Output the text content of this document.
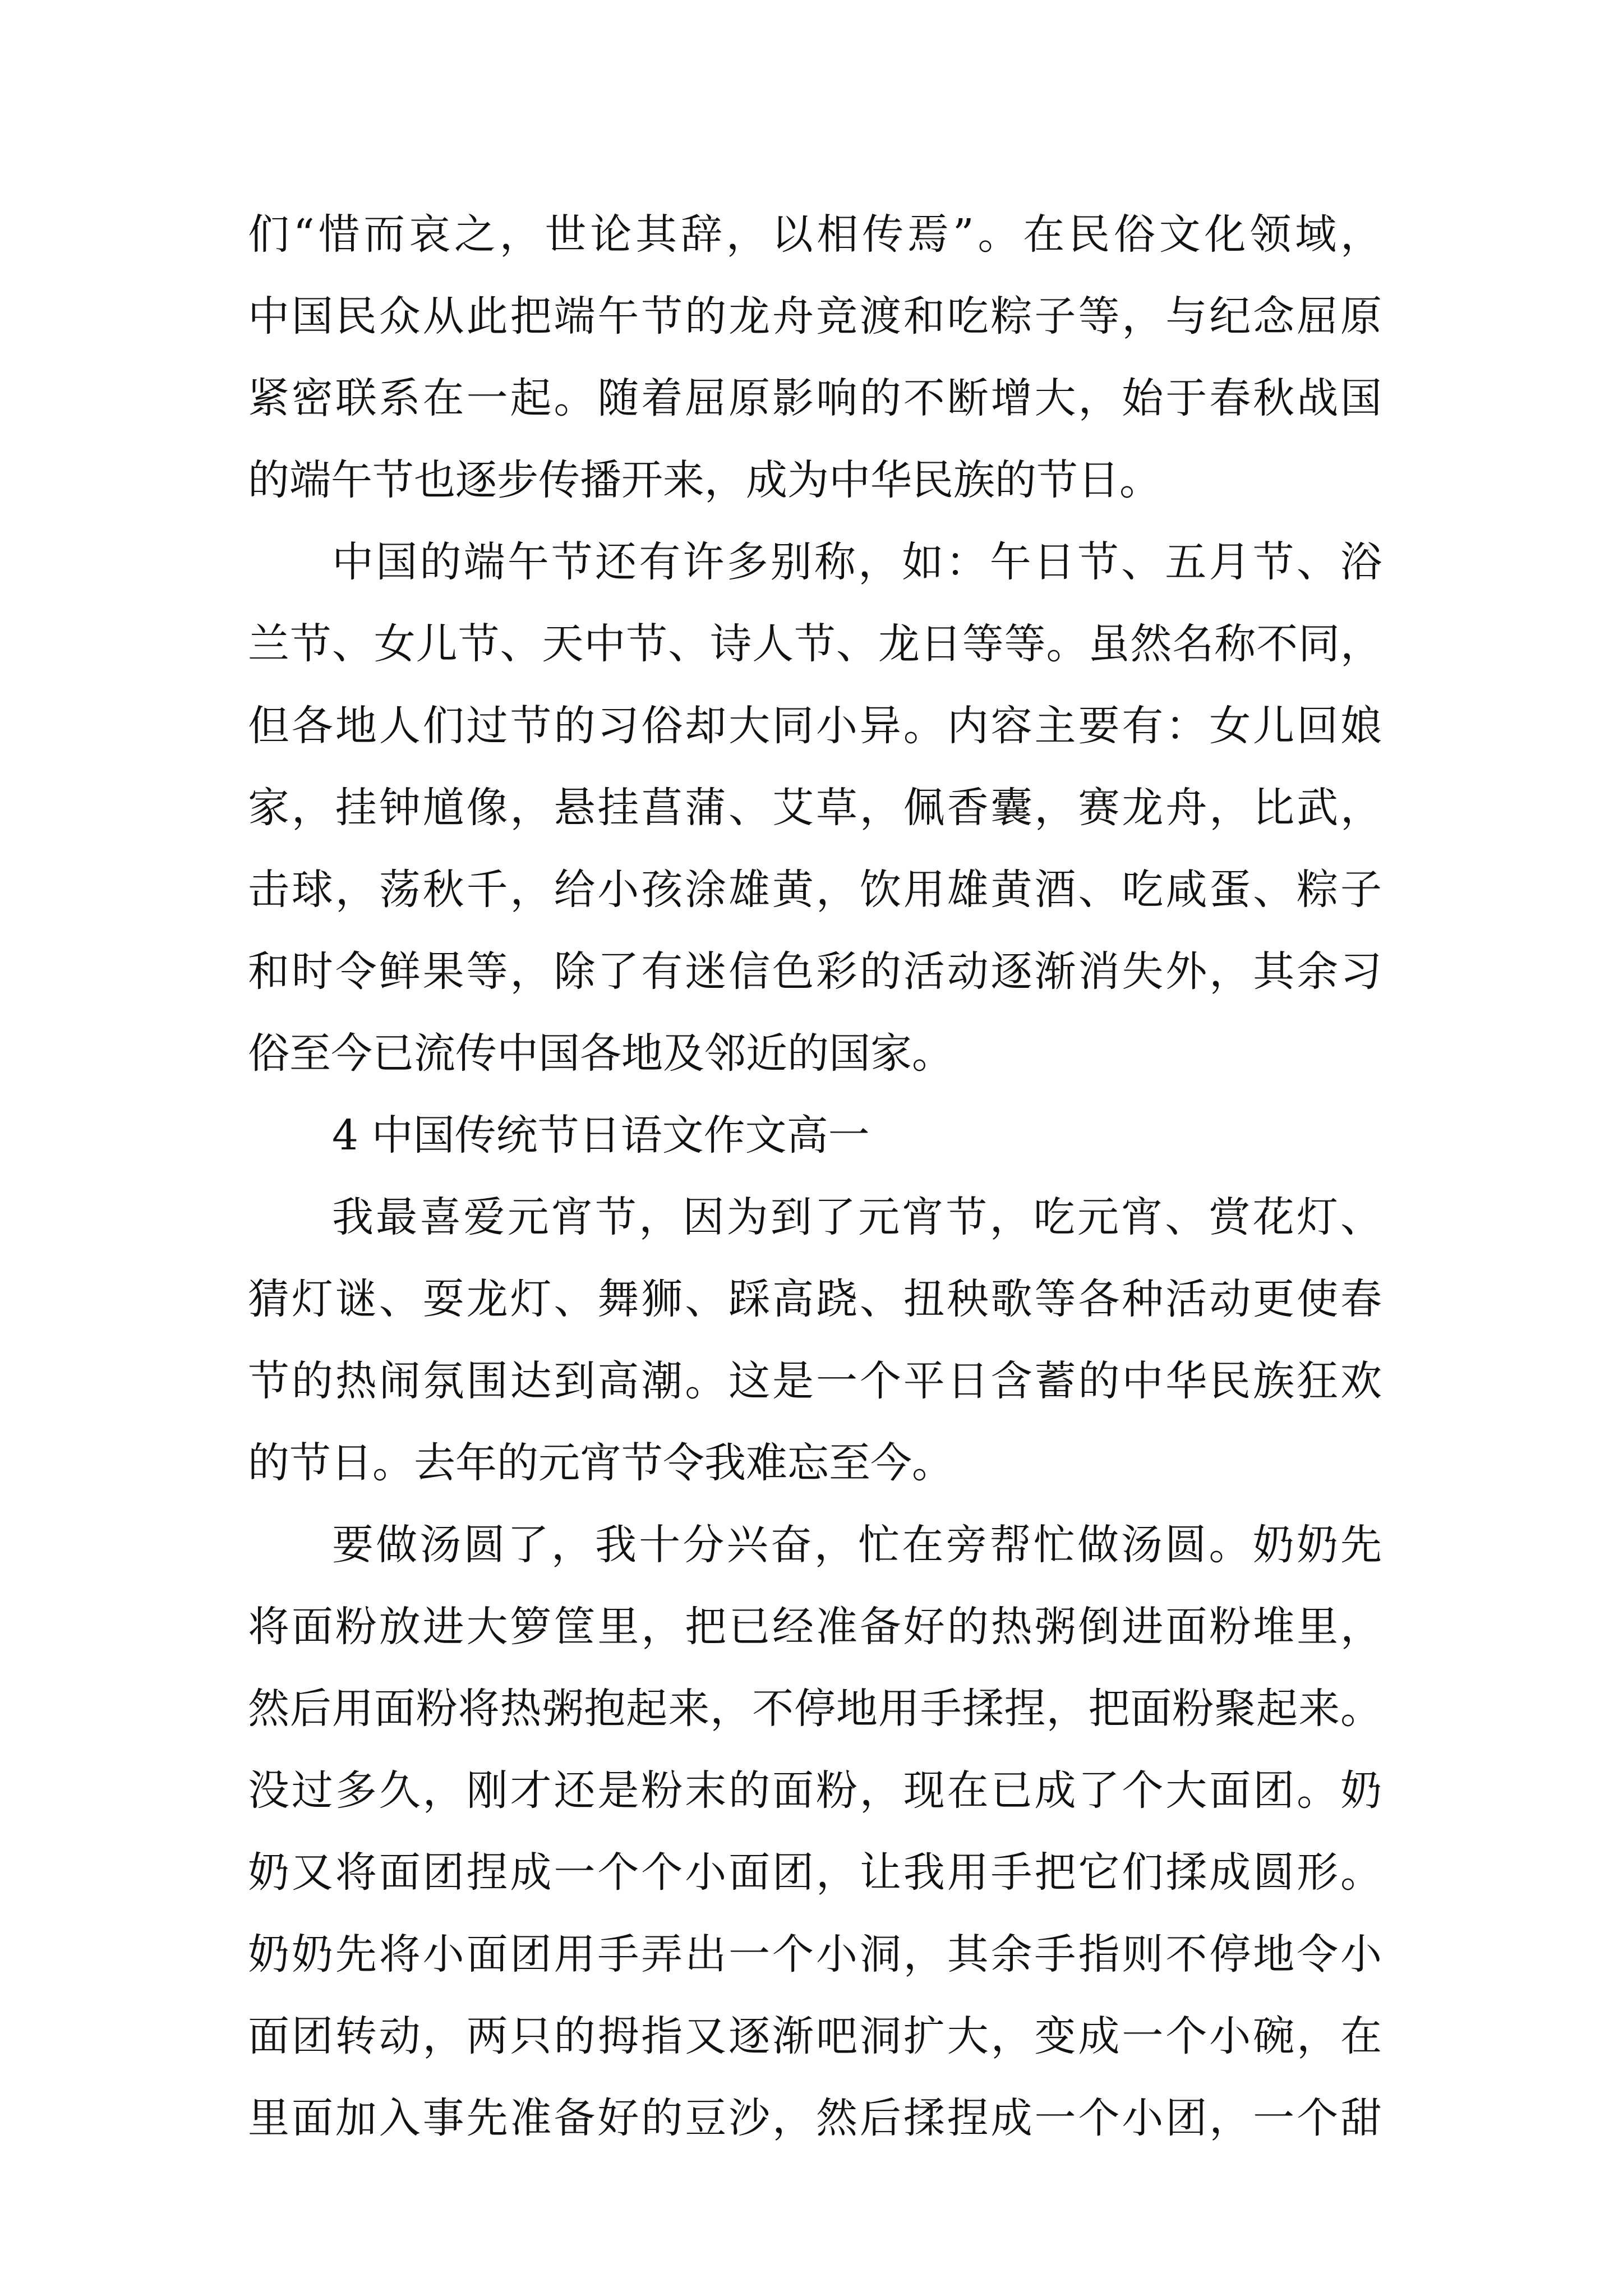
们“惜而哀之，世论其辞，以相传焉”。在民俗文化领域，
中国民众从此把端午节的龙舟竞渡和吃粽子等，与纪念屈原
紧密联系在一起。随着屈原影响的不断增大，始于春秋战国
的端午节也逐步传播开来，成为中华民族的节日。
中国的端午节还有许多别称，如：午日节、五月节、浴
兰节、女儿节、天中节、诗人节、龙日等等。虽然名称不同，
但各地人们过节的习俗却大同小异。内容主要有：女儿回娘
家，挂钟馗像，悬挂菖蒲、艾草，佩香囊，赛龙舟，比武，
击球，荡秋千，给小孩涂雄黄，饮用雄黄酒、吃咸蛋、粽子
和时令鲜果等，除了有迷信色彩的活动逐渐消失外，其余习
俗至今已流传中国各地及邻近的国家。
4 中国传统节日语文作文高一
我最喜爱元宵节，因为到了元宵节，吃元宵、赏花灯、
猜灯谜、耍龙灯、舞狮、踩高跷、扭秧歌等各种活动更使春
节的热闹氛围达到高潮。这是一个平日含蓄的中华民族狂欢
的节日。去年的元宵节令我难忘至今。
要做汤圆了，我十分兴奋，忙在旁帮忙做汤圆。奶奶先
将面粉放进大箩筐里，把已经准备好的热粥倒进面粉堆里，
然后用面粉将热粥抱起来，不停地用手揉捏，把面粉聚起来。
没过多久，刚才还是粉末的面粉，现在已成了个大面团。奶
奶又将面团捏成一个个小面团，让我用手把它们揉成圆形。
奶奶先将小面团用手弄出一个小洞，其余手指则不停地令小
面团转动，两只的拇指又逐渐吧洞扩大，变成一个小碗，在
里面加入事先准备好的豆沙，然后揉捏成一个小团，一个甜
